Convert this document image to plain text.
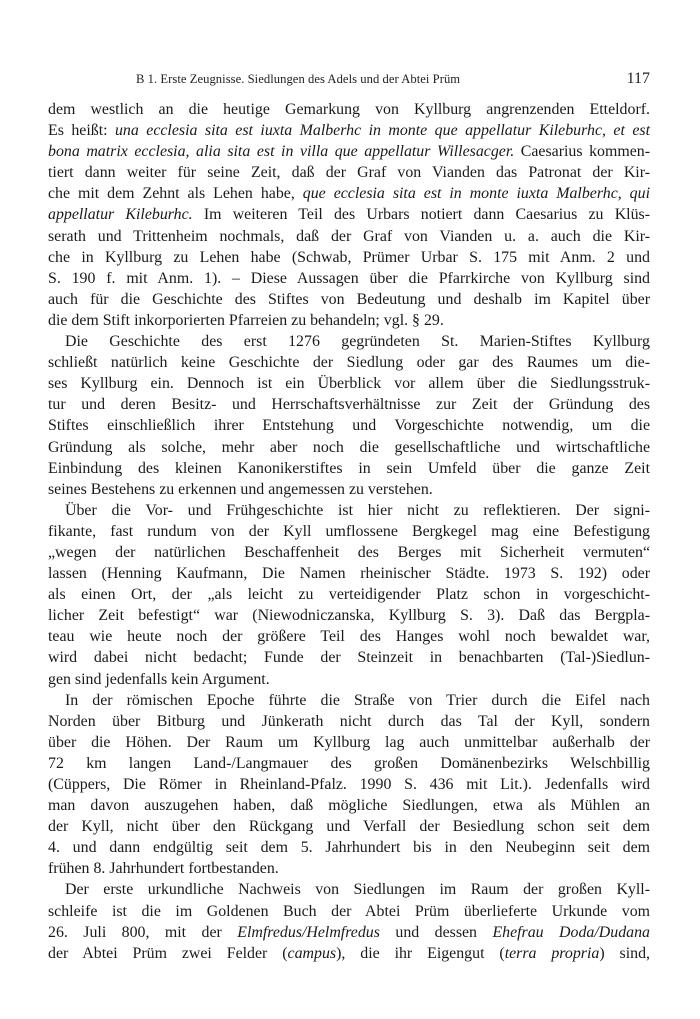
B 1. Erste Zeugnisse. Siedlungen des Adels und der Abtei Prüm	117
dem westlich an die heutige Gemarkung von Kyllburg angrenzenden Etteldorf.
Es heißt: una ecclesia sita est iuxta Malberhc in monte que appellatur Kileburhc, et est
bona matrix ecclesia, alia sita est in villa que appellatur Willesacger. Caesarius kommen-
tiert dann weiter für seine Zeit, daß der Graf von Vianden das Patronat der Kir-
che mit dem Zehnt als Lehen habe, que ecclesia sita est in monte iuxta Malberhc, qui
appellatur Kileburhc. Im weiteren Teil des Urbars notiert dann Caesarius zu Klüs-
serath und Trittenheim nochmals, daß der Graf von Vianden u. a. auch die Kir-
che in Kyllburg zu Lehen habe (Schwab, Prümer Urbar S. 175 mit Anm. 2 und
S. 190 f. mit Anm. 1). – Diese Aussagen über die Pfarrkirche von Kyllburg sind
auch für die Geschichte des Stiftes von Bedeutung und deshalb im Kapitel über
die dem Stift inkorporierten Pfarreien zu behandeln; vgl. § 29.
Die Geschichte des erst 1276 gegründeten St. Marien-Stiftes Kyllburg
schließt natürlich keine Geschichte der Siedlung oder gar des Raumes um die-
ses Kyllburg ein. Dennoch ist ein Überblick vor allem über die Siedlungsstruk-
tur und deren Besitz- und Herrschaftsverhältnisse zur Zeit der Gründung des
Stiftes einschließlich ihrer Entstehung und Vorgeschichte notwendig, um die
Gründung als solche, mehr aber noch die gesellschaftliche und wirtschaftliche
Einbindung des kleinen Kanonikerstiftes in sein Umfeld über die ganze Zeit
seines Bestehens zu erkennen und angemessen zu verstehen.
Über die Vor- und Frühgeschichte ist hier nicht zu reflektieren. Der signi-
fikante, fast rundum von der Kyll umflossene Bergkegel mag eine Befestigung
„wegen der natürlichen Beschaffenheit des Berges mit Sicherheit vermuten“
lassen (Henning Kaufmann, Die Namen rheinischer Städte. 1973 S. 192) oder
als einen Ort, der „als leicht zu verteidigender Platz schon in vorgeschicht-
licher Zeit befestigt“ war (Niewodniczanska, Kyllburg S. 3). Daß das Bergpla-
teau wie heute noch der größere Teil des Hanges wohl noch bewaldet war,
wird dabei nicht bedacht; Funde der Steinzeit in benachbarten (Tal-)Siedlun-
gen sind jedenfalls kein Argument.
In der römischen Epoche führte die Straße von Trier durch die Eifel nach
Norden über Bitburg und Jünkerath nicht durch das Tal der Kyll, sondern
über die Höhen. Der Raum um Kyllburg lag auch unmittelbar außerhalb der
72 km langen Land-/Langmauer des großen Domänenbezirks Welschbillig
(Cüppers, Die Römer in Rheinland-Pfalz. 1990 S. 436 mit Lit.). Jedenfalls wird
man davon auszugehen haben, daß mögliche Siedlungen, etwa als Mühlen an
der Kyll, nicht über den Rückgang und Verfall der Besiedlung schon seit dem
4. und dann endgültig seit dem 5. Jahrhundert bis in den Neubeginn seit dem
frühen 8. Jahrhundert fortbestanden.
Der erste urkundliche Nachweis von Siedlungen im Raum der großen Kyll-
schleife ist die im Goldenen Buch der Abtei Prüm überlieferte Urkunde vom
26. Juli 800, mit der Elmfredus/Helmfredus und dessen Ehefrau Doda/Dudana
der Abtei Prüm zwei Felder (campus), die ihr Eigengut (terra propria) sind,
